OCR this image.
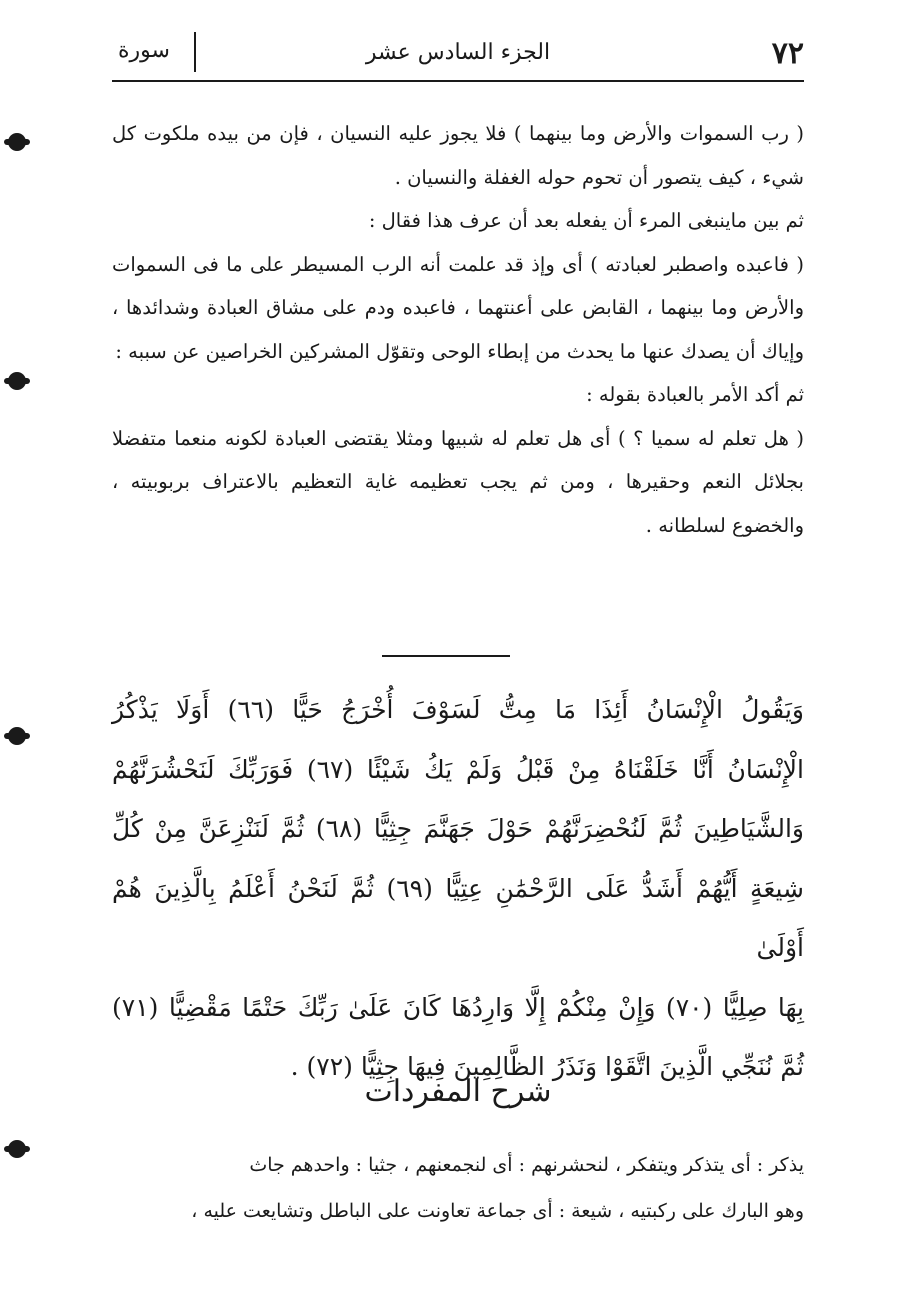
٧٢
الجزء السادس عشر
سورة

( رب السموات والأرض وما بينهما ) فلا يجوز عليه النسيان ، فإن من بيده ملكوت كل شيء ، كيف يتصور أن تحوم حوله الغفلة والنسيان .

ثم بين ماينبغى المرء أن يفعله بعد أن عرف هذا فقال :

( فاعبده واصطبر لعبادته ) أى وإذ قد علمت أنه الرب المسيطر على ما فى السموات والأرض وما بينهما ، القابض على أعنتهما ، فاعبده ودم على مشاق العبادة وشدائدها ، وإياك أن يصدك عنها ما يحدث من إبطاء الوحى وتقوّل المشركين الخراصين عن سببه :

ثم أكد الأمر بالعبادة بقوله :

( هل تعلم له سميا ؟ ) أى هل تعلم له شبيها ومثلا يقتضى العبادة لكونه منعما متفضلا بجلائل النعم وحقيرها ، ومن ثم يجب تعظيمه غاية التعظيم بالاعتراف بربوبيته ، والخضوع لسلطانه .

وَيَقُولُ الْإِنْسَانُ أَئِذَا مَا مِتُّ لَسَوْفَ أُخْرَجُ حَيًّا (٦٦) أَوَلَا يَذْكُرُ

الْإِنْسَانُ أَنَّا خَلَقْنَاهُ مِنْ قَبْلُ وَلَمْ يَكُ شَيْئًا (٦٧) فَوَرَبِّكَ لَنَحْشُرَنَّهُمْ

وَالشَّيَاطِينَ ثُمَّ لَنُحْضِرَنَّهُمْ حَوْلَ جَهَنَّمَ جِثِيًّا (٦٨) ثُمَّ لَنَنْزِعَنَّ مِنْ كُلِّ

شِيعَةٍ أَيُّهُمْ أَشَدُّ عَلَى الرَّحْمَٰنِ عِتِيًّا (٦٩) ثُمَّ لَنَحْنُ أَعْلَمُ بِالَّذِينَ هُمْ أَوْلَىٰ

بِهَا صِلِيًّا (٧٠) وَإِنْ مِنْكُمْ إِلَّا وَارِدُهَا كَانَ عَلَىٰ رَبِّكَ حَتْمًا مَقْضِيًّا (٧١)

ثُمَّ نُنَجِّي الَّذِينَ اتَّقَوْا وَنَذَرُ الظَّالِمِينَ فِيهَا جِثِيًّا (٧٢) .

شرح المفردات

يذكر : أى يتذكر ويتفكر ، لنحشرنهم : أى لنجمعنهم ، جثيا : واحدهم جاث

وهو البارك على ركبتيه ، شيعة : أى جماعة تعاونت على الباطل وتشايعت عليه ،
